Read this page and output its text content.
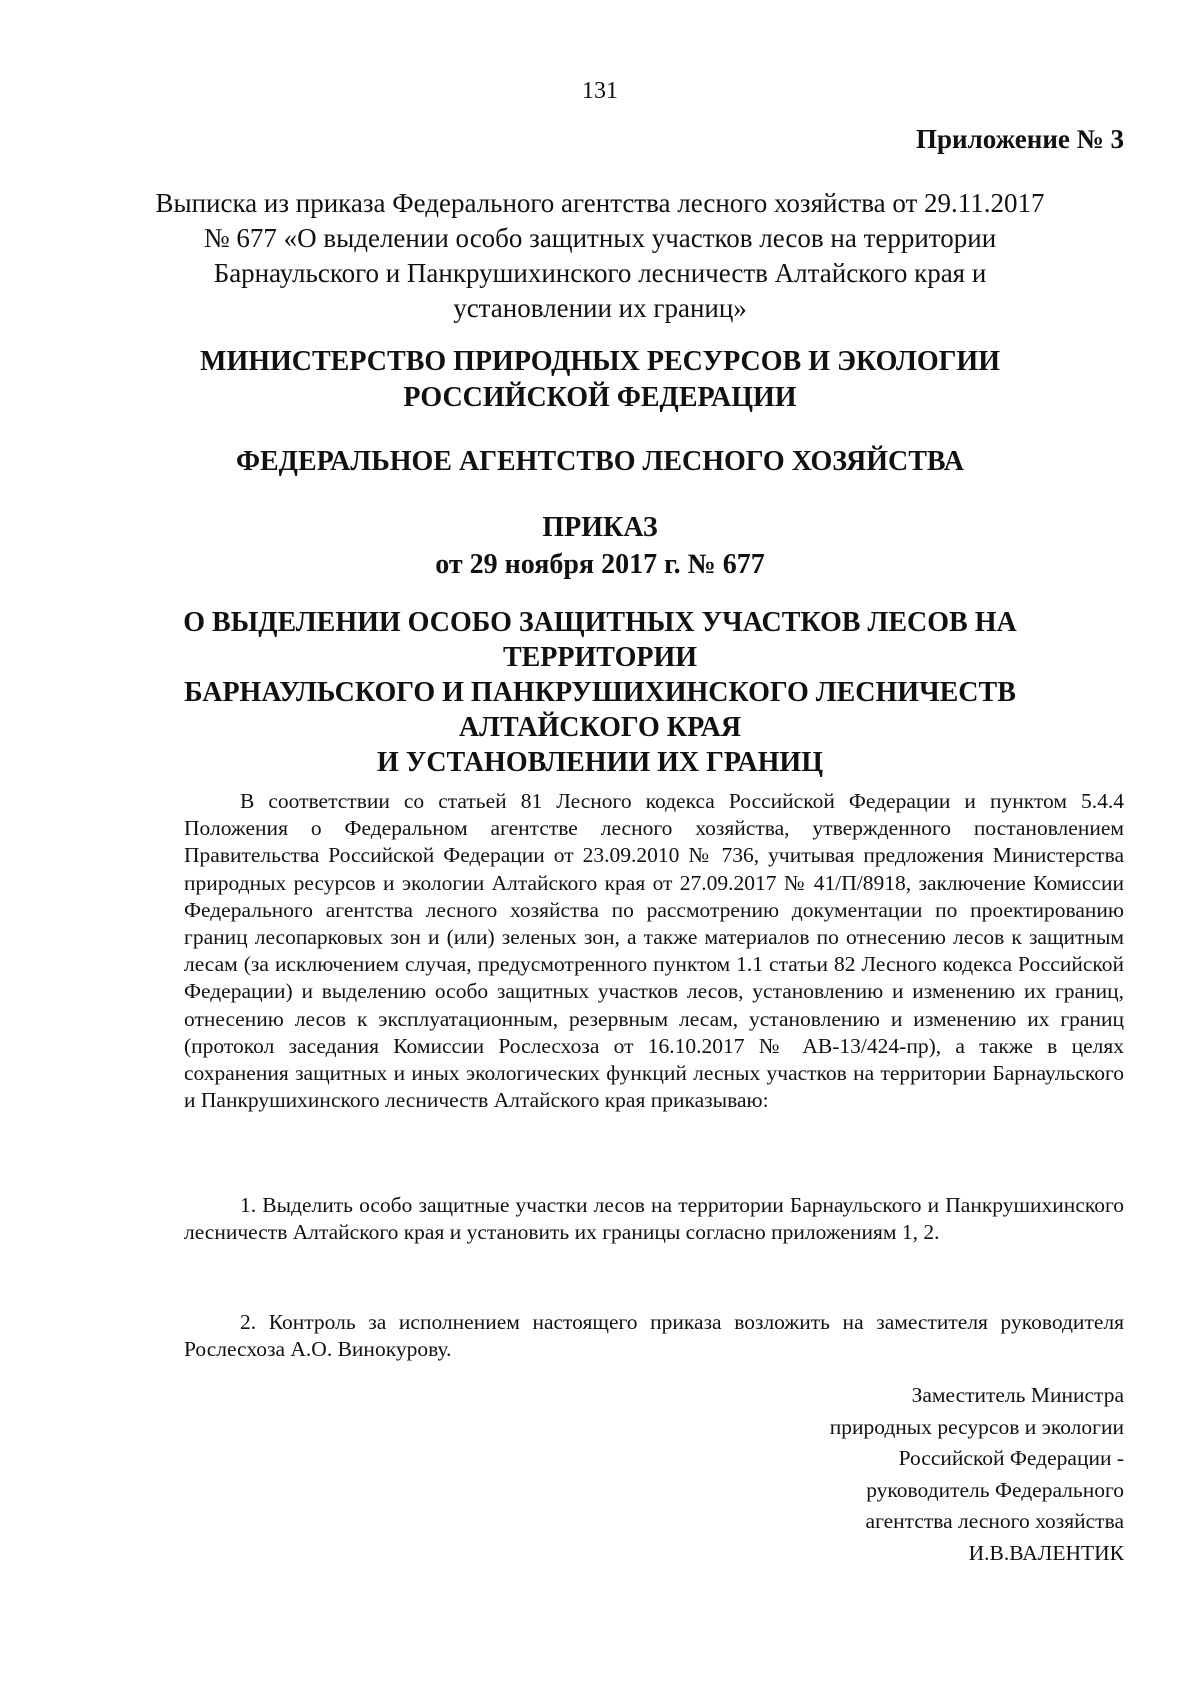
131
Приложение № 3
Выписка из приказа Федерального агентства лесного хозяйства от 29.11.2017
№ 677 «О выделении особо защитных участков лесов на территории
Барнаульского и Панкрушихинского лесничеств Алтайского края и
установлении их границ»
МИНИСТЕРСТВО ПРИРОДНЫХ РЕСУРСОВ И ЭКОЛОГИИ
РОССИЙСКОЙ ФЕДЕРАЦИИ
ФЕДЕРАЛЬНОЕ АГЕНТСТВО ЛЕСНОГО ХОЗЯЙСТВА
ПРИКАЗ
от 29 ноября 2017 г. № 677
О ВЫДЕЛЕНИИ ОСОБО ЗАЩИТНЫХ УЧАСТКОВ ЛЕСОВ НА
ТЕРРИТОРИИ
БАРНАУЛЬСКОГО И ПАНКРУШИХИНСКОГО ЛЕСНИЧЕСТВ
АЛТАЙСКОГО КРАЯ
И УСТАНОВЛЕНИИ ИХ ГРАНИЦ

В соответствии со статьей 81 Лесного кодекса Российской Федерации и пунктом 5.4.4 Положения о Федеральном агентстве лесного хозяйства, утвержденного постановлением Правительства Российской Федерации от 23.09.2010 № 736, учитывая предложения Министерства природных ресурсов и экологии Алтайского края от 27.09.2017 № 41/П/8918, заключение Комиссии Федерального агентства лесного хозяйства по рассмотрению документации по проектированию границ лесопарковых зон и (или) зеленых зон, а также материалов по отнесению лесов к защитным лесам (за исключением случая, предусмотренного пунктом 1.1 статьи 82 Лесного кодекса Российской Федерации) и выделению особо защитных участков лесов, установлению и изменению их границ, отнесению лесов к эксплуатационным, резервным лесам, установлению и изменению их границ (протокол заседания Комиссии Рослесхоза от 16.10.2017 № АВ-13/424-пр), а также в целях сохранения защитных и иных экологических функций лесных участков на территории Барнаульского и Панкрушихинского лесничеств Алтайского края приказываю:

1. Выделить особо защитные участки лесов на территории Барнаульского и Панкрушихинского лесничеств Алтайского края и установить их границы согласно приложениям 1, 2.

2. Контроль за исполнением настоящего приказа возложить на заместителя руководителя Рослесхоза А.О. Винокурову.

Заместитель Министра
природных ресурсов и экологии
Российской Федерации -
руководитель Федерального
агентства лесного хозяйства
И.В.ВАЛЕНТИК
